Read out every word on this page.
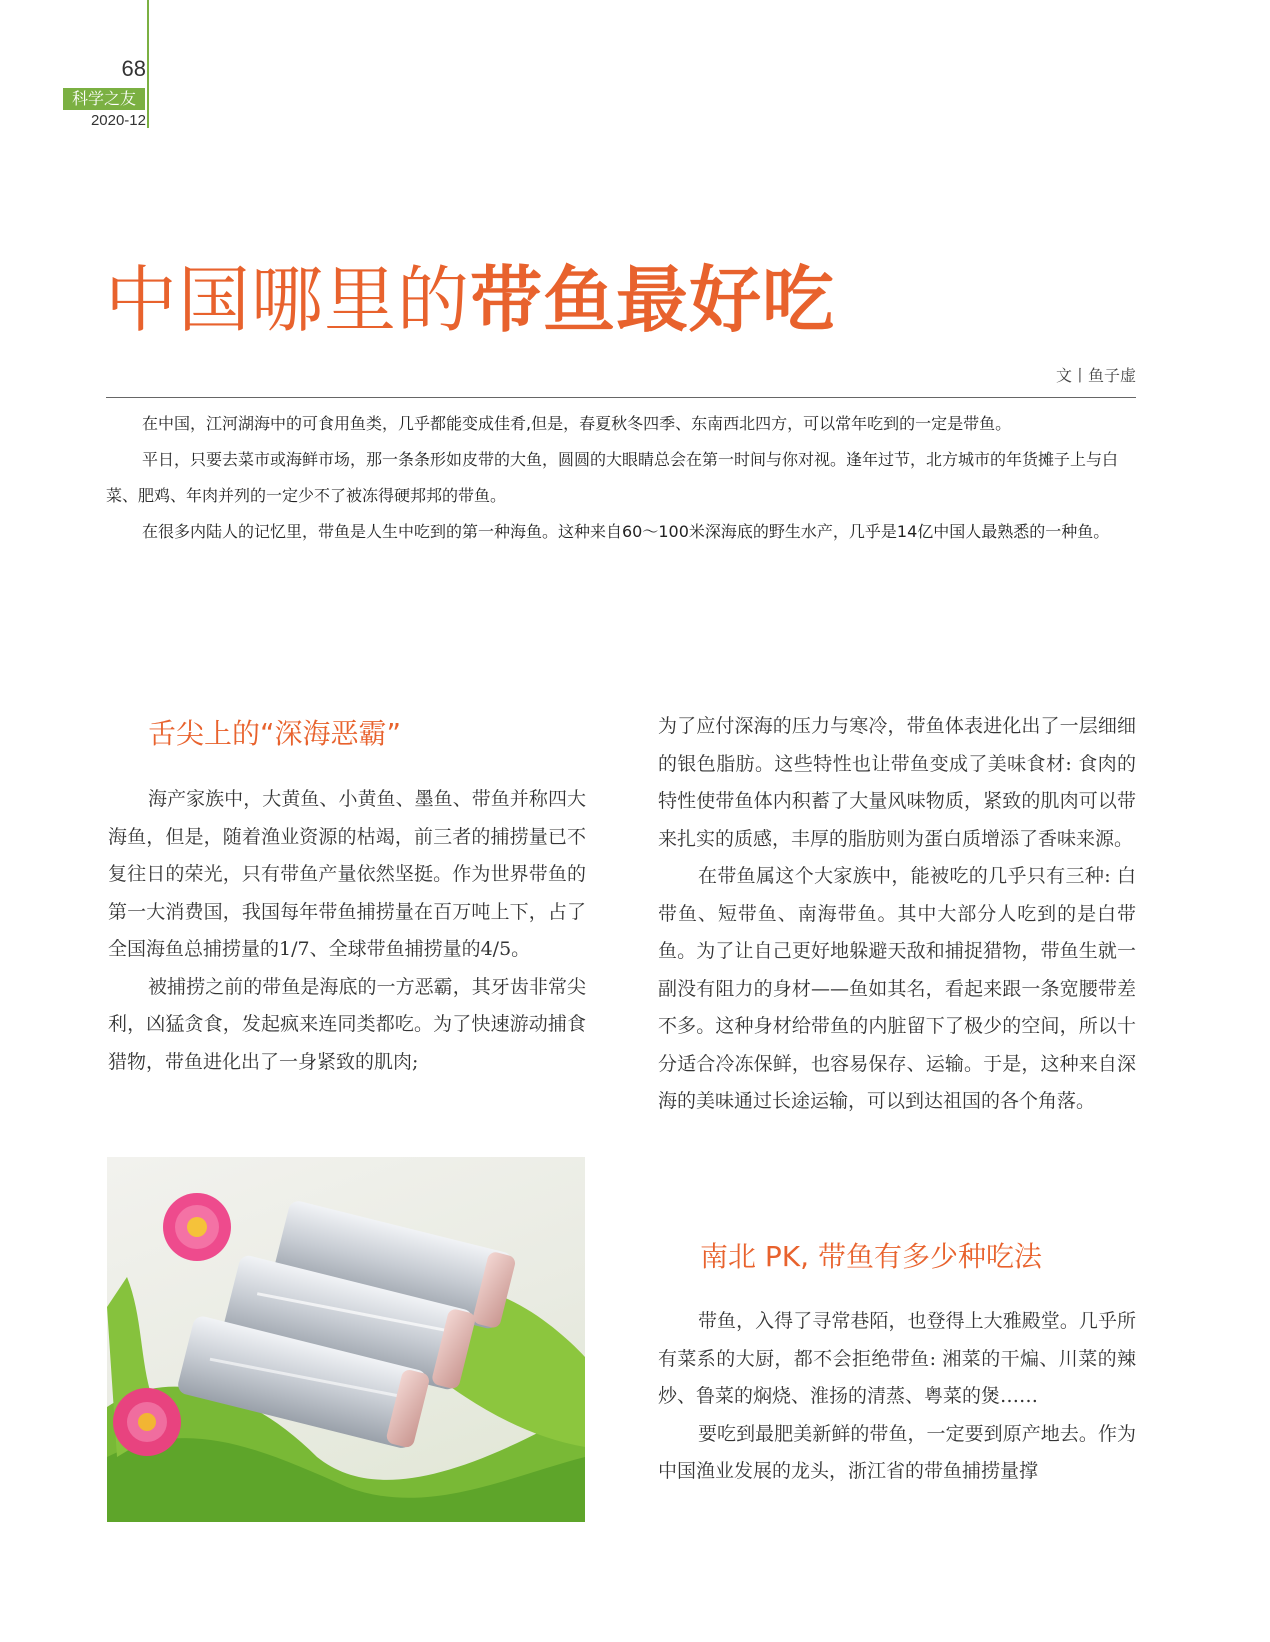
68
科学之友
2020-12
中国哪里的带鱼最好吃
文丨鱼子虚

在中国，江河湖海中的可食用鱼类，几乎都能变成佳肴,但是，春夏秋冬四季、东南西北四方，可以常年吃到的一定是带鱼。

平日，只要去菜市或海鲜市场，那一条条形如皮带的大鱼，圆圆的大眼睛总会在第一时间与你对视。逢年过节，北方城市的年货摊子上与白菜、肥鸡、年肉并列的一定少不了被冻得硬邦邦的带鱼。

在很多内陆人的记忆里，带鱼是人生中吃到的第一种海鱼。这种来自60～100米深海底的野生水产，几乎是14亿中国人最熟悉的一种鱼。

舌尖上的“深海恶霸”

海产家族中，大黄鱼、小黄鱼、墨鱼、带鱼并称四大海鱼，但是，随着渔业资源的枯竭，前三者的捕捞量已不复往日的荣光，只有带鱼产量依然坚挺。作为世界带鱼的第一大消费国，我国每年带鱼捕捞量在百万吨上下，占了全国海鱼总捕捞量的1/7、全球带鱼捕捞量的4/5。

被捕捞之前的带鱼是海底的一方恶霸，其牙齿非常尖利，凶猛贪食，发起疯来连同类都吃。为了快速游动捕食猎物，带鱼进化出了一身紧致的肌肉;

为了应付深海的压力与寒冷，带鱼体表进化出了一层细细的银色脂肪。这些特性也让带鱼变成了美味食材: 食肉的特性使带鱼体内积蓄了大量风味物质，紧致的肌肉可以带来扎实的质感，丰厚的脂肪则为蛋白质增添了香味来源。

在带鱼属这个大家族中，能被吃的几乎只有三种: 白带鱼、短带鱼、南海带鱼。其中大部分人吃到的是白带鱼。为了让自己更好地躲避天敌和捕捉猎物，带鱼生就一副没有阻力的身材——鱼如其名，看起来跟一条宽腰带差不多。这种身材给带鱼的内脏留下了极少的空间，所以十分适合冷冻保鲜，也容易保存、运输。于是，这种来自深海的美味通过长途运输，可以到达祖国的各个角落。

南北 PK, 带鱼有多少种吃法

带鱼，入得了寻常巷陌，也登得上大雅殿堂。几乎所有菜系的大厨，都不会拒绝带鱼: 湘菜的干煸、川菜的辣炒、鲁菜的焖烧、淮扬的清蒸、粤菜的煲……

要吃到最肥美新鲜的带鱼，一定要到原产地去。作为中国渔业发展的龙头，浙江省的带鱼捕捞量撑
